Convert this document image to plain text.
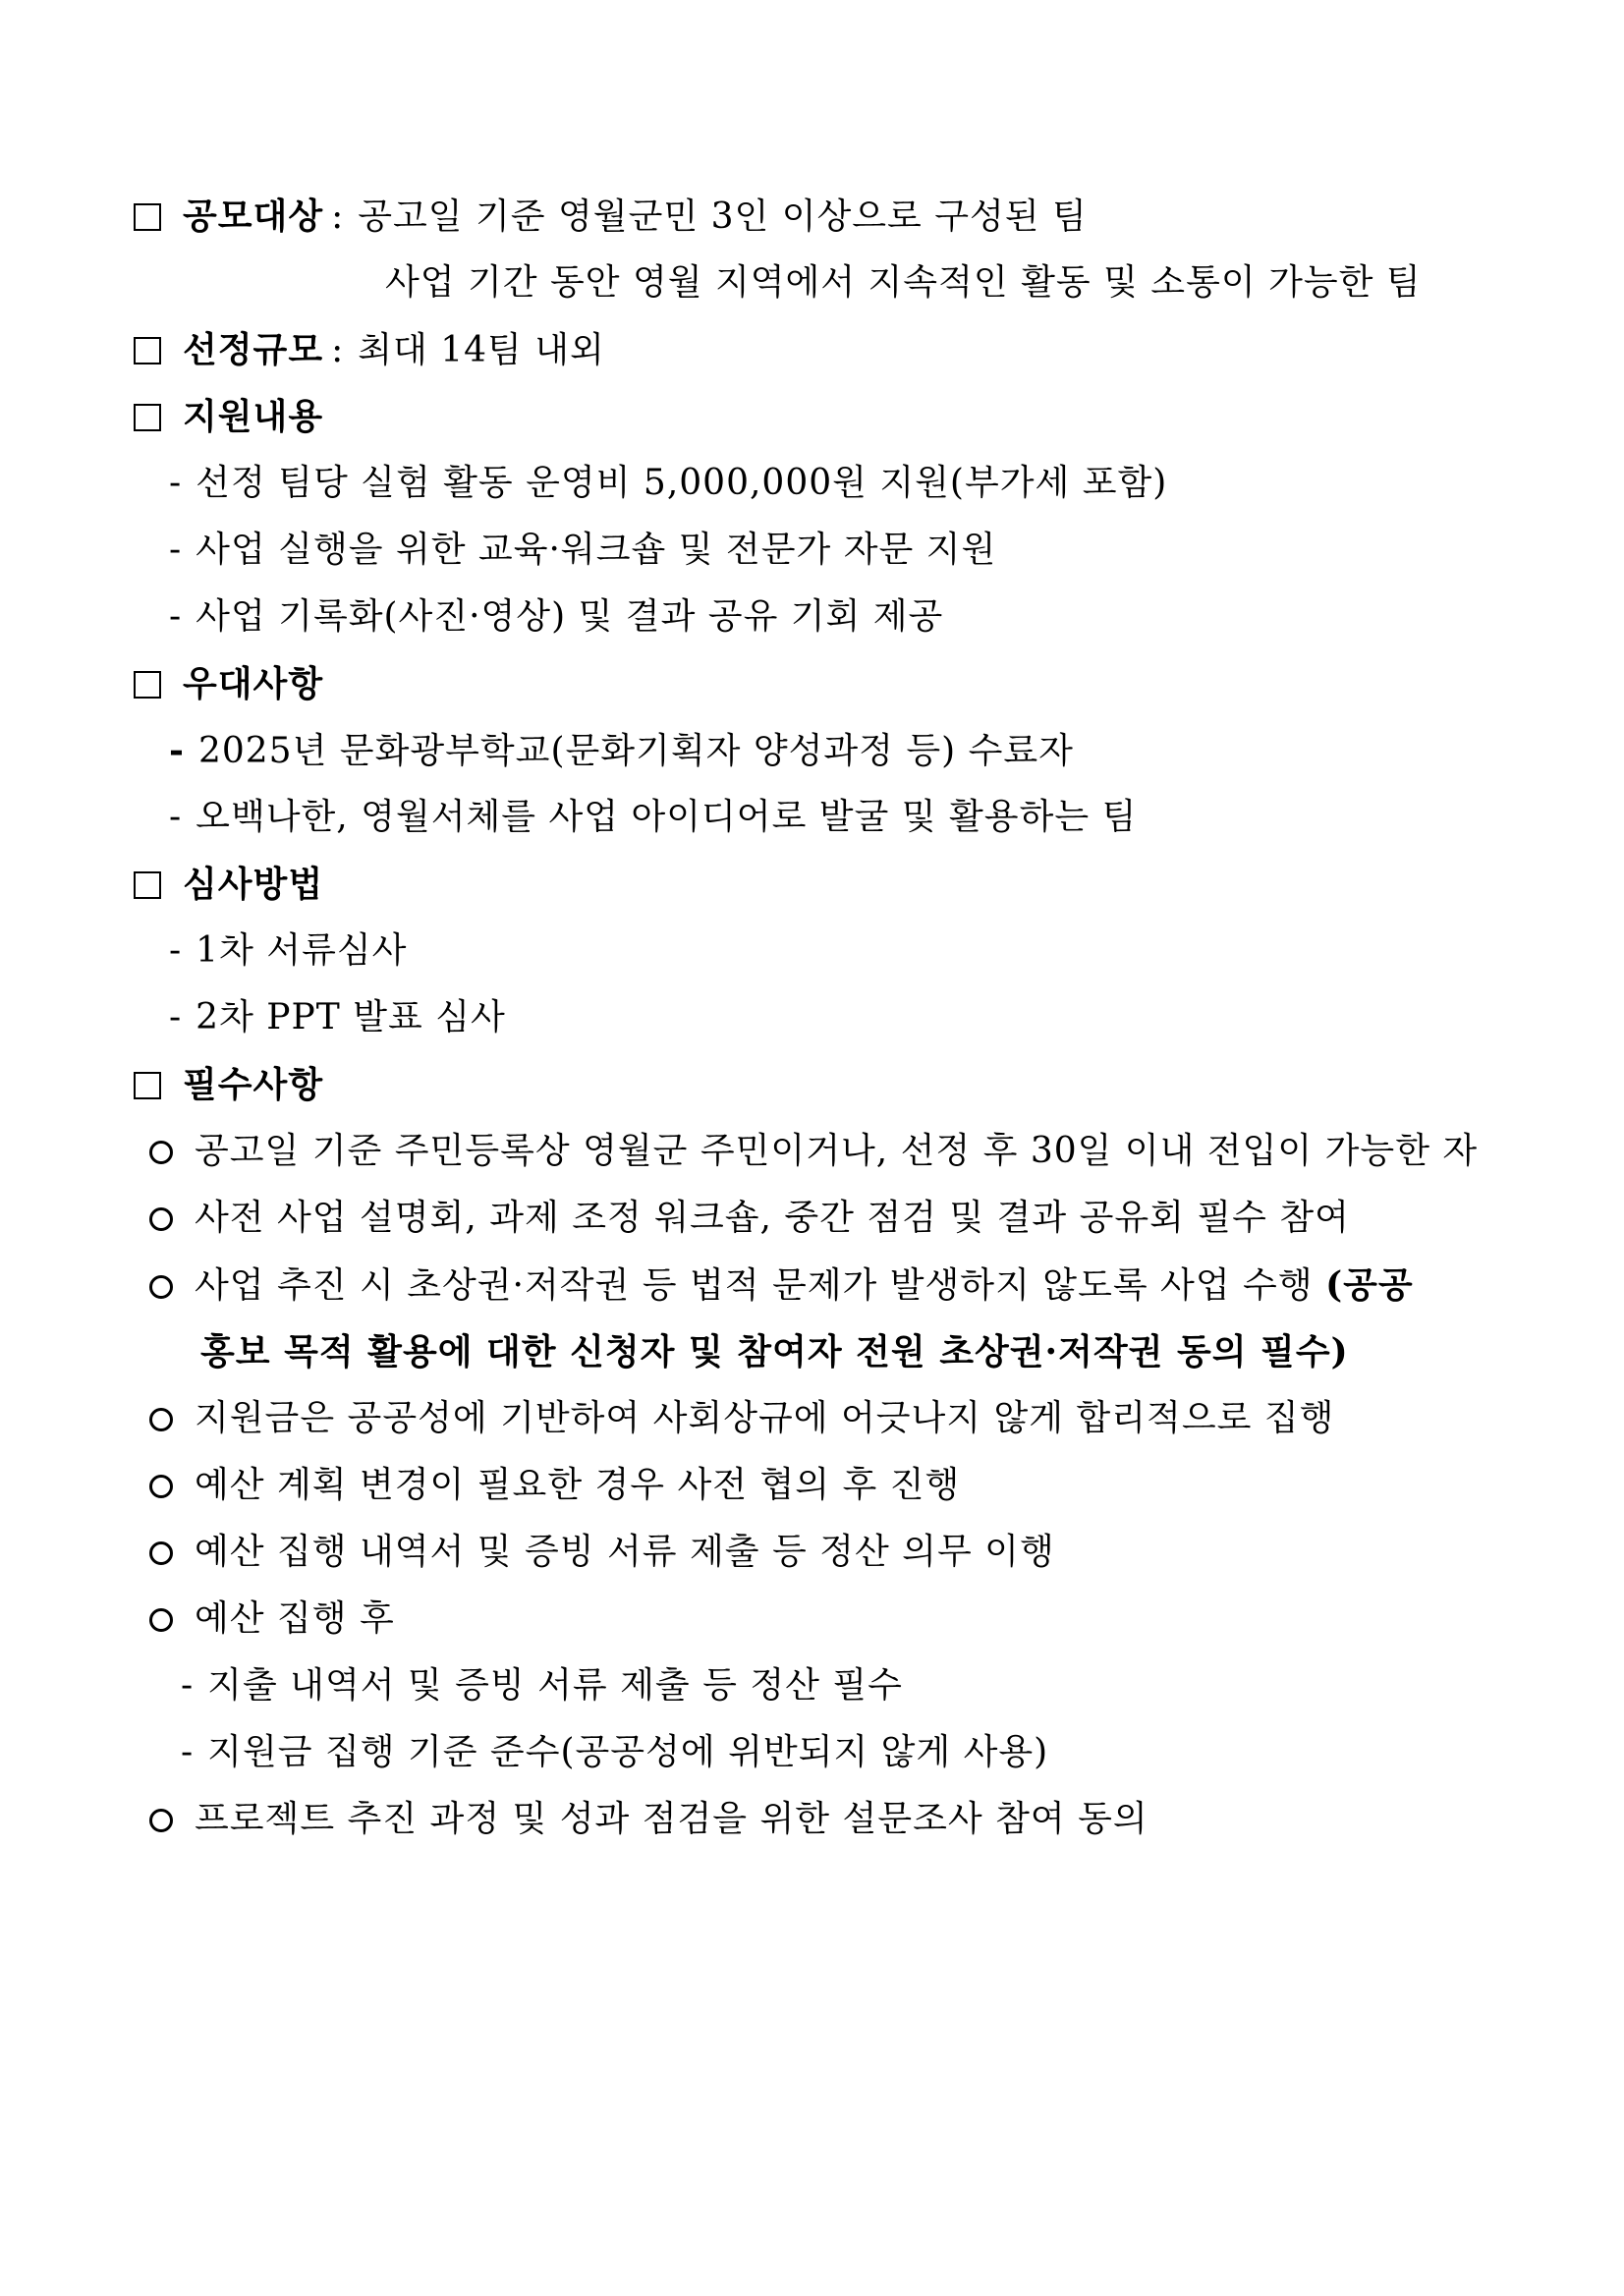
공모대상 : 공고일 기준 영월군민 3인 이상으로 구성된 팀
사업 기간 동안 영월 지역에서 지속적인 활동 및 소통이 가능한 팀
선정규모 : 최대 14팀 내외
지원내용
- 선정 팀당 실험 활동 운영비 5,000,000원 지원(부가세 포함)
- 사업 실행을 위한 교육·워크숍 및 전문가 자문 지원
- 사업 기록화(사진·영상) 및 결과 공유 기회 제공
우대사항
- 2025년 문화광부학교(문화기획자 양성과정 등) 수료자
- 오백나한, 영월서체를 사업 아이디어로 발굴 및 활용하는 팀
심사방법
- 1차 서류심사
- 2차 PPT 발표 심사
필수사항
공고일 기준 주민등록상 영월군 주민이거나, 선정 후 30일 이내 전입이 가능한 자
사전 사업 설명회, 과제 조정 워크숍, 중간 점검 및 결과 공유회 필수 참여
사업 추진 시 초상권·저작권 등 법적 문제가 발생하지 않도록 사업 수행 (공공
홍보 목적 활용에 대한 신청자 및 참여자 전원 초상권·저작권 동의 필수)
지원금은 공공성에 기반하여 사회상규에 어긋나지 않게 합리적으로 집행
예산 계획 변경이 필요한 경우 사전 협의 후 진행
예산 집행 내역서 및 증빙 서류 제출 등 정산 의무 이행
예산 집행 후
- 지출 내역서 및 증빙 서류 제출 등 정산 필수
- 지원금 집행 기준 준수(공공성에 위반되지 않게 사용)
프로젝트 추진 과정 및 성과 점검을 위한 설문조사 참여 동의
